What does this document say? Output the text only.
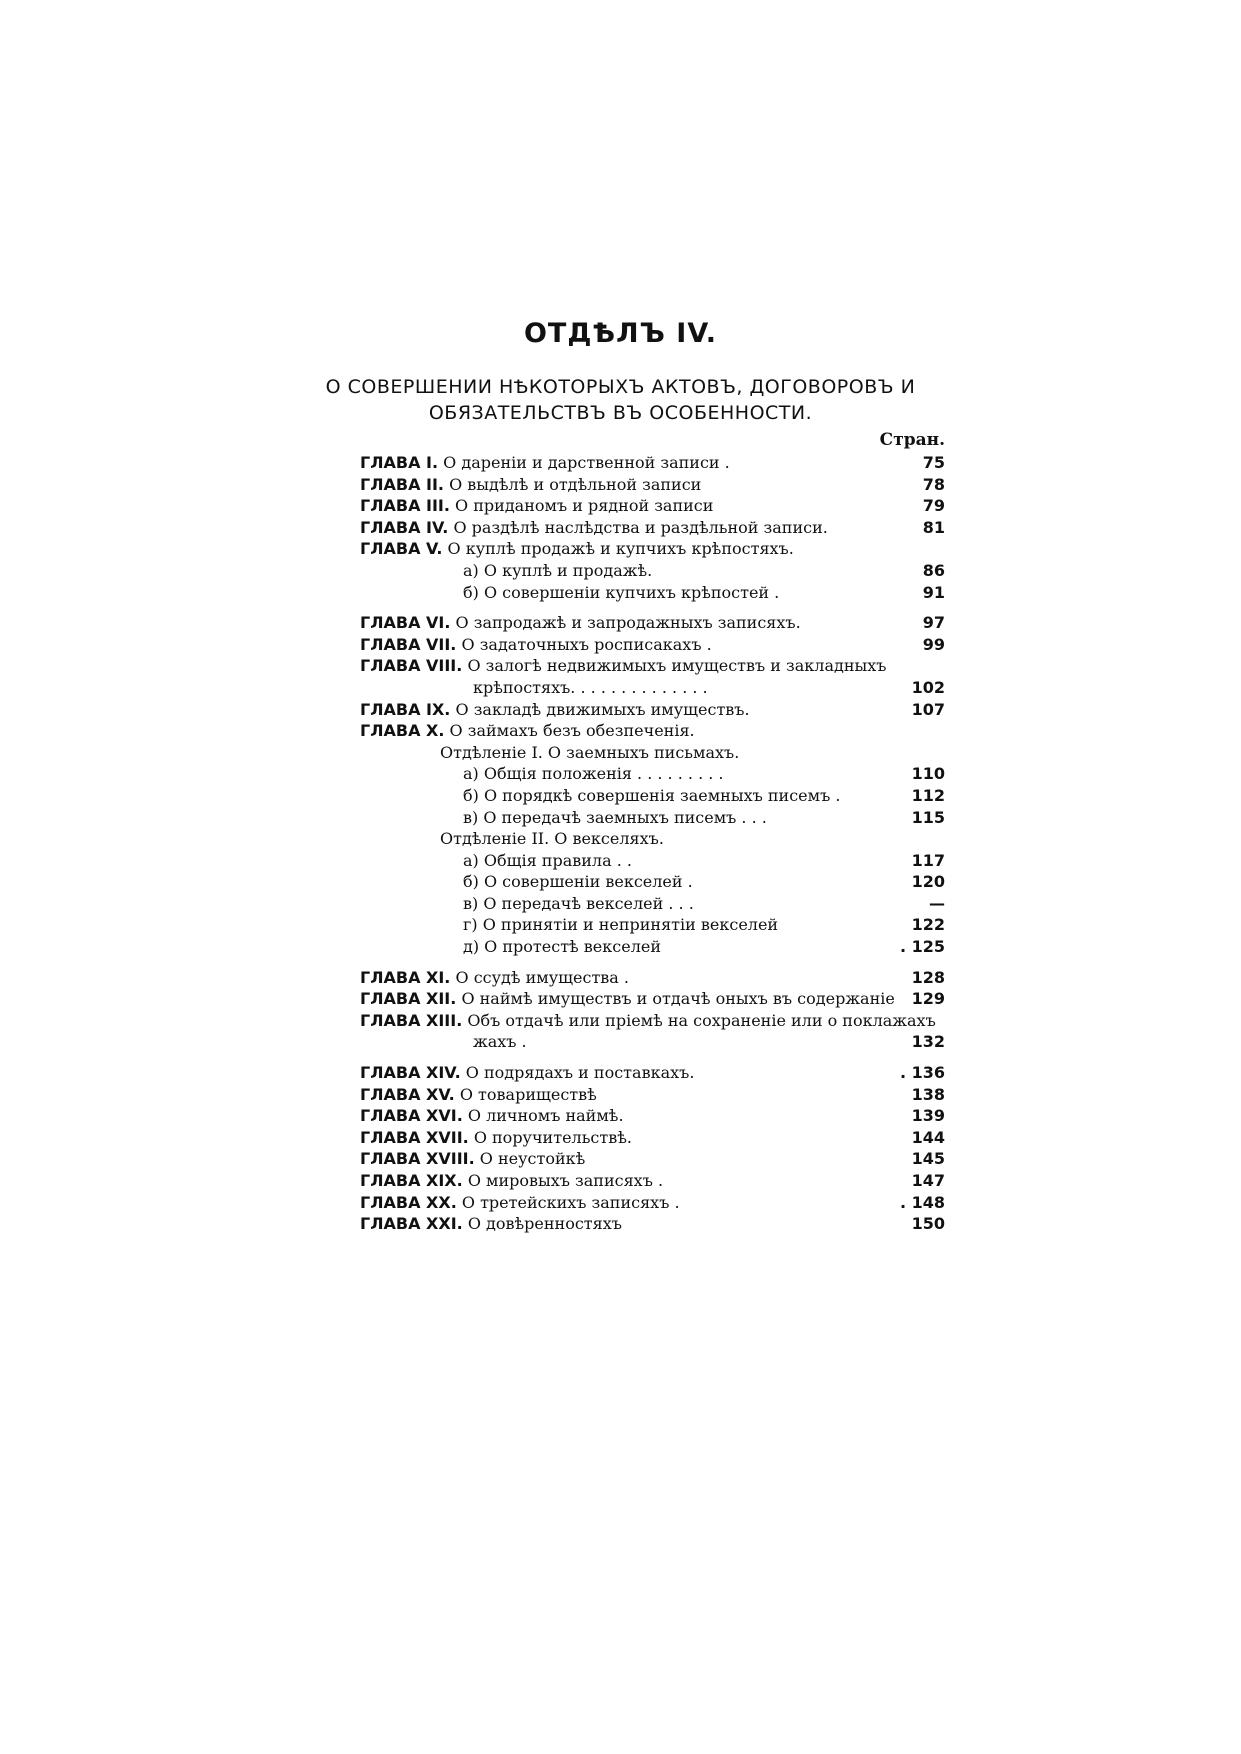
ОТДѢЛЪ IV.
О СОВЕРШЕНИИ НѢКОТОРЫХЪ АКТОВЪ, ДОГОВОРОВЪ И
ОБЯЗАТЕЛЬСТВЪ ВЪ ОСОБЕННОСТИ.
Стран.
ГЛАВА I. О дареніи и дарственной записи .	75
ГЛАВА II. О выдѣлѣ и отдѣльной записи	78
ГЛАВА III. О приданомъ и рядной записи	79
ГЛАВА IV. О раздѣлѣ наслѣдства и раздѣльной записи.	81
ГЛАВА V. О куплѣ продажѣ и купчихъ крѣпостяхъ.
а) О куплѣ и продажѣ.	86
б) О совершеніи купчихъ крѣпостей .	91
ГЛАВА VI. О запродажѣ и запродажныхъ записяхъ.	97
ГЛАВА VII. О задаточныхъ росписакахъ .	99
ГЛАВА VIII. О залогѣ недвижимыхъ имуществъ и закладныхъ
крѣпостяхъ. . . . . . . . . . . . . .	102
ГЛАВА IX. О закладѣ движимыхъ имуществъ.	107
ГЛАВА X. О займахъ безъ обезпеченія.
Отдѣленіе I. О заемныхъ письмахъ.
а) Общія положенія . . . . . . . . .	110
б) О порядкѣ совершенія заемныхъ писемъ .	112
в) О передачѣ заемныхъ писемъ . . .	115
Отдѣленіе II. О векселяхъ.
а) Общія правила . .	117
б) О совершеніи векселей .	120
в) О передачѣ векселей . . .	—
г) О принятіи и непринятіи векселей	122
д) О протестѣ векселей	. 125
ГЛАВА XI. О ссудѣ имущества .	128
ГЛАВА XII. О наймѣ имуществъ и отдачѣ оныхъ въ содержаніе 129
ГЛАВА XIII. Объ отдачѣ или пріемѣ на сохраненіе или о поклажахъ
жахъ .	132
ГЛАВА XIV. О подрядахъ и поставкахъ.	. 136
ГЛАВА XV. О товариществѣ	138
ГЛАВА XVI. О личномъ наймѣ.	139
ГЛАВА XVII. О поручительствѣ.	144
ГЛАВА XVIII. О неустойкѣ	145
ГЛАВА XIX. О мировыхъ записяхъ .	147
ГЛАВА XX. О третейскихъ записяхъ .	. 148
ГЛАВА XXI. О довѣренностяхъ	150
